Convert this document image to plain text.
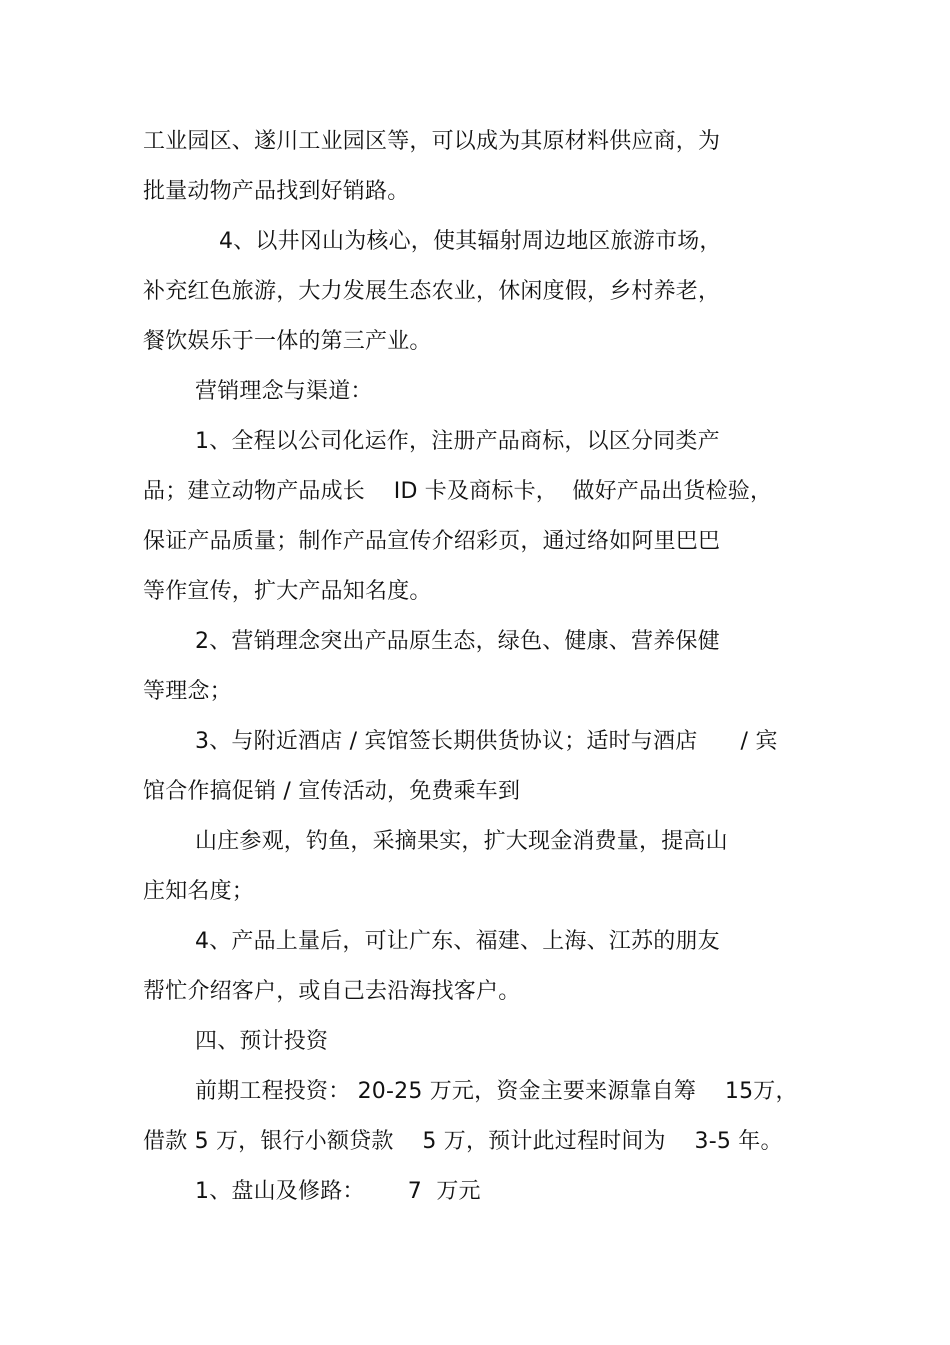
工业园区、遂川工业园区等，可以成为其原材料供应商，为
批量动物产品找到好销路。
4、以井冈山为核心，使其辐射周边地区旅游市场，
补充红色旅游，大力发展生态农业，休闲度假，乡村养老，
餐饮娱乐于一体的第三产业。
营销理念与渠道：
1、全程以公司化运作，注册产品商标，以区分同类产
品；建立动物产品成长    ID 卡及商标卡，  做好产品出货检验，
保证产品质量；制作产品宣传介绍彩页，通过络如阿里巴巴
等作宣传，扩大产品知名度。
2、营销理念突出产品原生态，绿色、健康、营养保健
等理念；
3、与附近酒店 / 宾馆签长期供货协议；适时与酒店      / 宾
馆合作搞促销 / 宣传活动，免费乘车到
山庄参观，钓鱼，采摘果实，扩大现金消费量，提高山
庄知名度；
4、产品上量后，可让广东、福建、上海、江苏的朋友
帮忙介绍客户，或自己去沿海找客户。
四、预计投资
前期工程投资： 20-25 万元，资金主要来源靠自筹    15万，
借款 5 万，银行小额贷款    5 万，预计此过程时间为    3-5 年。
1、盘山及修路：      7  万元
